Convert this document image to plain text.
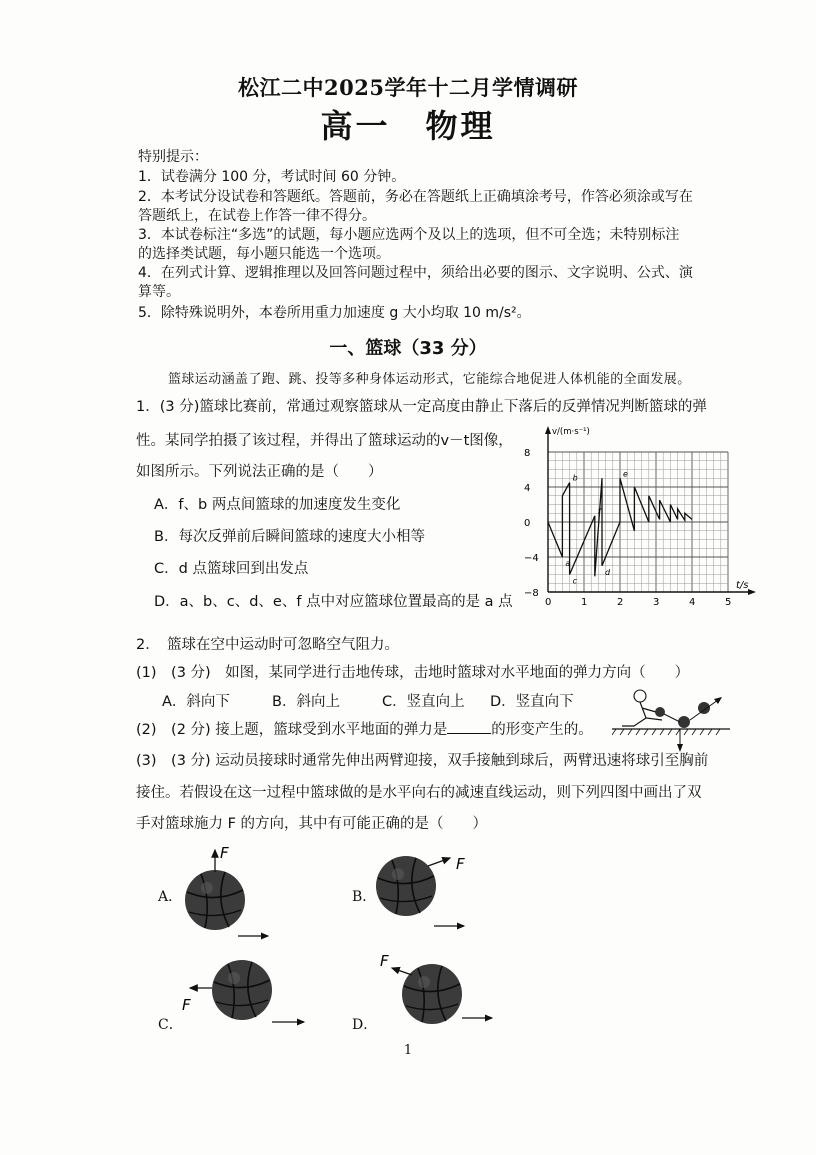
松江二中2025学年十二月学情调研
高一　物理
特别提示：
1．试卷满分 100 分，考试时间 60 分钟。
2．本考试分设试卷和答题纸。答题前，务必在答题纸上正确填涂考号，作答必须涂或写在
答题纸上，在试卷上作答一律不得分。
3．本试卷标注“多选”的试题，每小题应选两个及以上的选项，但不可全选；未特别标注
的选择类试题，每小题只能选一个选项。
4．在列式计算、逻辑推理以及回答问题过程中，须给出必要的图示、文字说明、公式、演
算等。
5．除特殊说明外，本卷所用重力加速度 g 大小均取 10 m/s²。
一、篮球（33 分）
篮球运动涵盖了跑、跳、投等多种身体运动形式，它能综合地促进人体机能的全面发展。
1．(3 分)篮球比赛前，常通过观察篮球从一定高度由静止下落后的反弹情况判断篮球的弹
性。某同学拍摄了该过程，并得出了篮球运动的v－t图像，
如图所示。下列说法正确的是（　　）
A．f、b 两点间篮球的加速度发生变化
B．每次反弹前后瞬间篮球的速度大小相等
C．d 点篮球回到出发点
D．a、b、c、d、e、f 点中对应篮球位置最高的是 a 点
v/(m·s⁻¹)
t/s
0	1	2	3	4	5
8
4
0
−4
−8
a
b
c
d
e
f
2．　篮球在空中运动时可忽略空气阻力。
(1)　(3 分)　如图，某同学进行击地传球，击地时篮球对水平地面的弹力方向（　　）
A．斜向下	B．斜向上	C．竖直向上 D．竖直向下
(2)　(2 分) 接上题，篮球受到水平地面的弹力是	的形变产生的。
(3)　(3 分) 运动员接球时通常先伸出两臂迎接，双手接触到球后，两臂迅速将球引至胸前
接住。若假设在这一过程中篮球做的是水平向右的减速直线运动，则下列四图中画出了双
手对篮球施力 F 的方向，其中有可能正确的是（　　）
A．	B．
C．	D．
F
F
F
F
1
